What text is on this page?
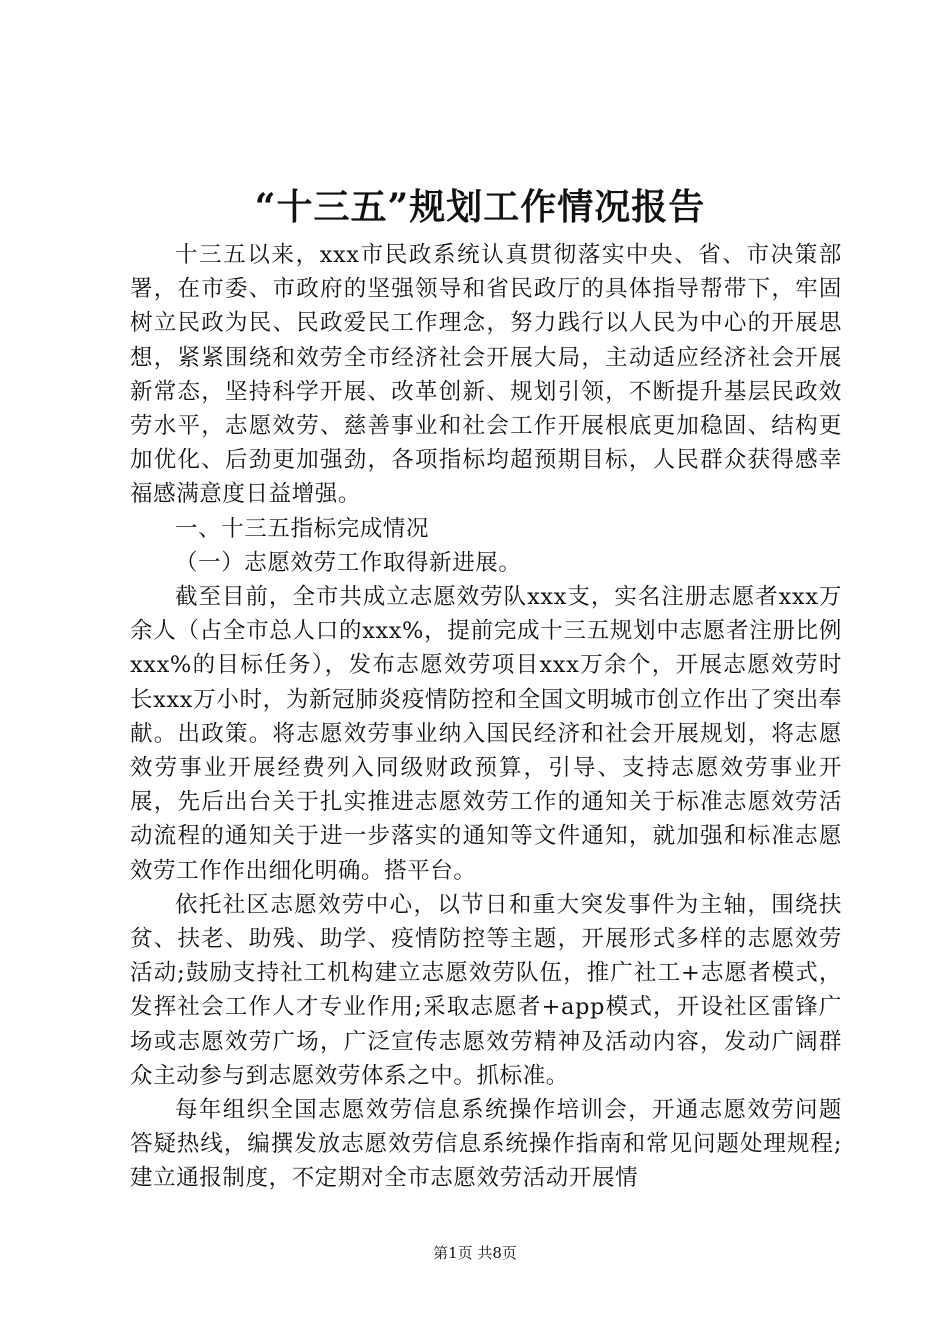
“十三五”规划工作情况报告

十三五以来，xxx市民政系统认真贯彻落实中央、省、市决策部署，在市委、市政府的坚强领导和省民政厅的具体指导帮带下，牢固树立民政为民、民政爱民工作理念，努力践行以人民为中心的开展思想，紧紧围绕和效劳全市经济社会开展大局，主动适应经济社会开展新常态，坚持科学开展、改革创新、规划引领，不断提升基层民政效劳水平，志愿效劳、慈善事业和社会工作开展根底更加稳固、结构更加优化、后劲更加强劲，各项指标均超预期目标，人民群众获得感幸福感满意度日益增强。

一、十三五指标完成情况

（一）志愿效劳工作取得新进展。

截至目前，全市共成立志愿效劳队xxx支，实名注册志愿者xxx万余人（占全市总人口的xxx%，提前完成十三五规划中志愿者注册比例xxx%的目标任务），发布志愿效劳项目xxx万余个，开展志愿效劳时长xxx万小时，为新冠肺炎疫情防控和全国文明城市创立作出了突出奉献。出政策。将志愿效劳事业纳入国民经济和社会开展规划，将志愿效劳事业开展经费列入同级财政预算，引导、支持志愿效劳事业开展，先后出台关于扎实推进志愿效劳工作的通知关于标准志愿效劳活动流程的通知关于进一步落实的通知等文件通知，就加强和标准志愿效劳工作作出细化明确。搭平台。

依托社区志愿效劳中心，以节日和重大突发事件为主轴，围绕扶贫、扶老、助残、助学、疫情防控等主题，开展形式多样的志愿效劳活动;鼓励支持社工机构建立志愿效劳队伍，推广社工+志愿者模式，发挥社会工作人才专业作用;采取志愿者+app模式，开设社区雷锋广场或志愿效劳广场，广泛宣传志愿效劳精神及活动内容，发动广阔群众主动参与到志愿效劳体系之中。抓标准。

每年组织全国志愿效劳信息系统操作培训会，开通志愿效劳问题答疑热线，编撰发放志愿效劳信息系统操作指南和常见问题处理规程;建立通报制度，不定期对全市志愿效劳活动开展情

第1页 共8页
